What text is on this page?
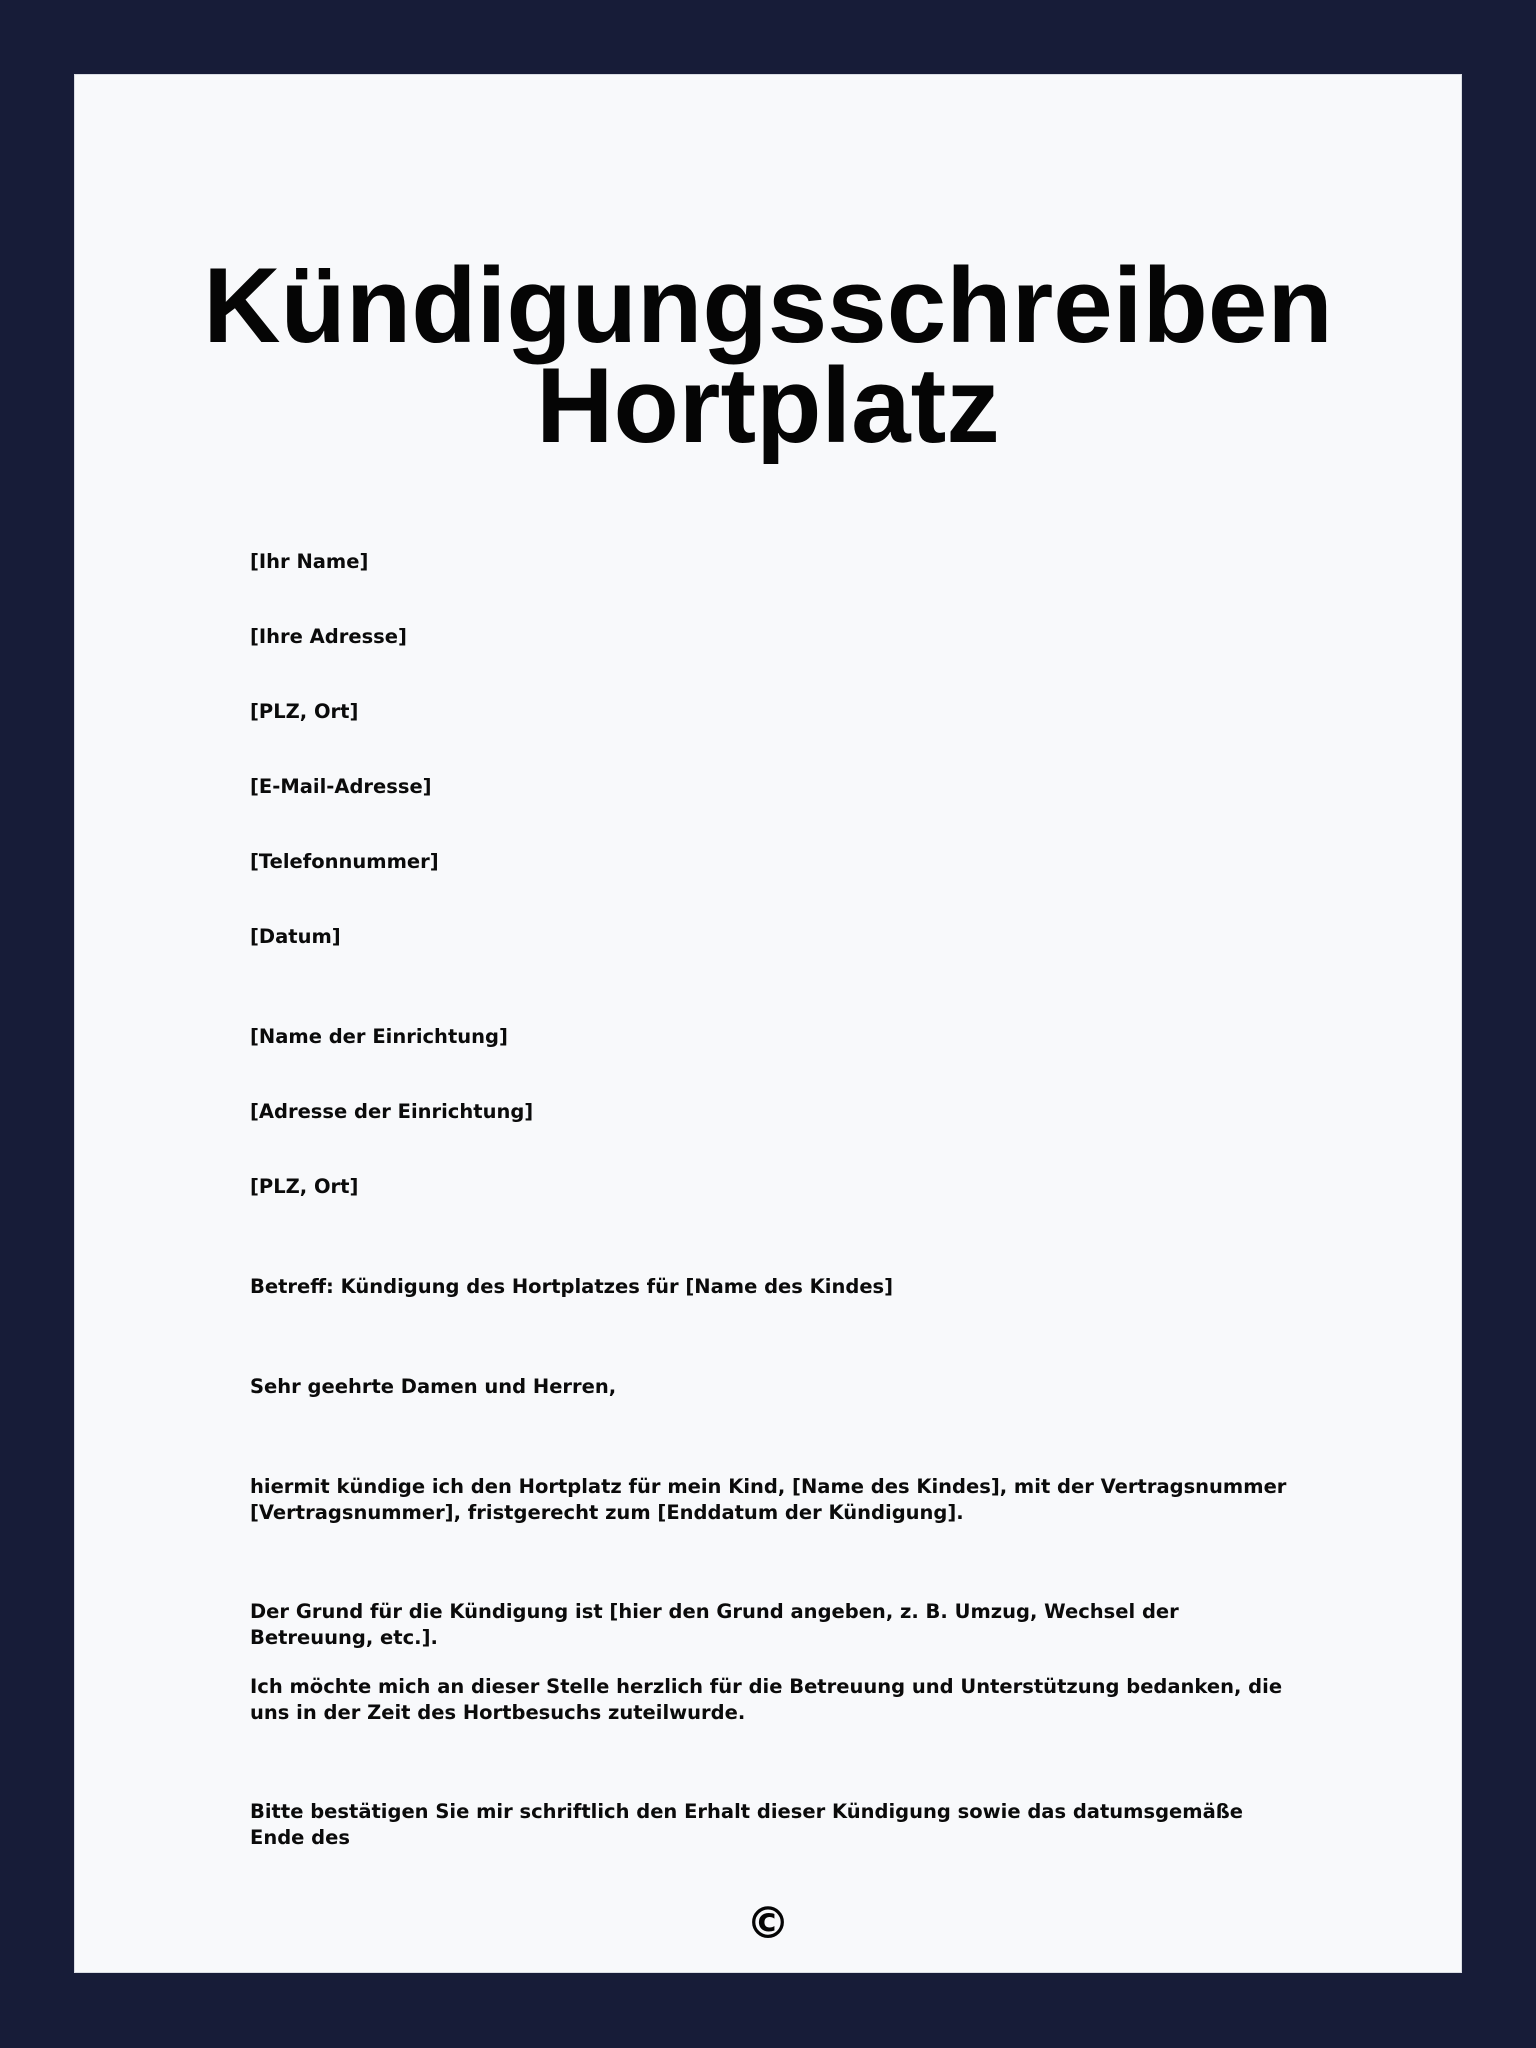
Kündigungsschreiben
Hortplatz
[Ihr Name]
[Ihre Adresse]
[PLZ, Ort]
[E-Mail-Adresse]
[Telefonnummer]
[Datum]
[Name der Einrichtung]
[Adresse der Einrichtung]
[PLZ, Ort]
Betreff: Kündigung des Hortplatzes für [Name des Kindes]
Sehr geehrte Damen und Herren,
hiermit kündige ich den Hortplatz für mein Kind, [Name des Kindes], mit der Vertragsnummer [Vertragsnummer], fristgerecht zum [Enddatum der Kündigung].
Der Grund für die Kündigung ist [hier den Grund angeben, z. B. Umzug, Wechsel der Betreuung, etc.].
Ich möchte mich an dieser Stelle herzlich für die Betreuung und Unterstützung bedanken, die uns in der Zeit des Hortbesuchs zuteilwurde.
Bitte bestätigen Sie mir schriftlich den Erhalt dieser Kündigung sowie das datumsgemäße Ende des
©
